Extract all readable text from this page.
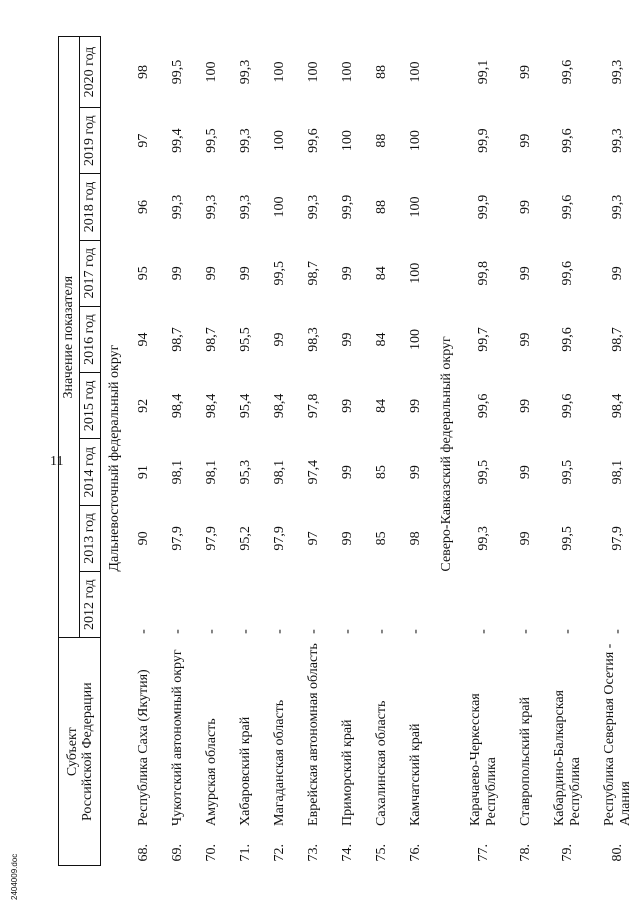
11
Субъект
Российской Федерации		Значение показателя								
		2012 год	2013 год	2014 год	2015 год	2016 год	2017 год	2018 год	2019 год	2020 год
			Дальневосточный федеральный округ							
68.	Республика Саха (Якутия)	-	90	91	92	94	95	96	97	98
69.	Чукотский автономный округ	-	97,9	98,1	98,4	98,7	99	99,3	99,4	99,5
70.	Амурская область	-	97,9	98,1	98,4	98,7	99	99,3	99,5	100
71.	Хабаровский край	-	95,2	95,3	95,4	95,5	99	99,3	99,3	99,3
72.	Магаданская область	-	97,9	98,1	98,4	99	99,5	100	100	100
73.	Еврейская автономная область	-	97	97,4	97,8	98,3	98,7	99,3	99,6	100
74.	Приморский край	-	99	99	99	99	99	99,9	100	100
75.	Сахалинская область	-	85	85	84	84	84	88	88	88
76.	Камчатский край	-	98	99	99	100	100	100	100	100
			Северо-Кавказский федеральный округ							
77.	Карачаево-Черкесская Республика	-	99,3	99,5	99,6	99,7	99,8	99,9	99,9	99,1
78.	Ставропольский край	-	99	99	99	99	99	99	99	99
79.	Кабардино-Балкарская Республика	-	99,5	99,5	99,6	99,6	99,6	99,6	99,6	99,6
80.	Республика Северная Осетия - Алания	-	97,9	98,1	98,4	98,7	99	99,3	99,3	99,3
2404009.doc
